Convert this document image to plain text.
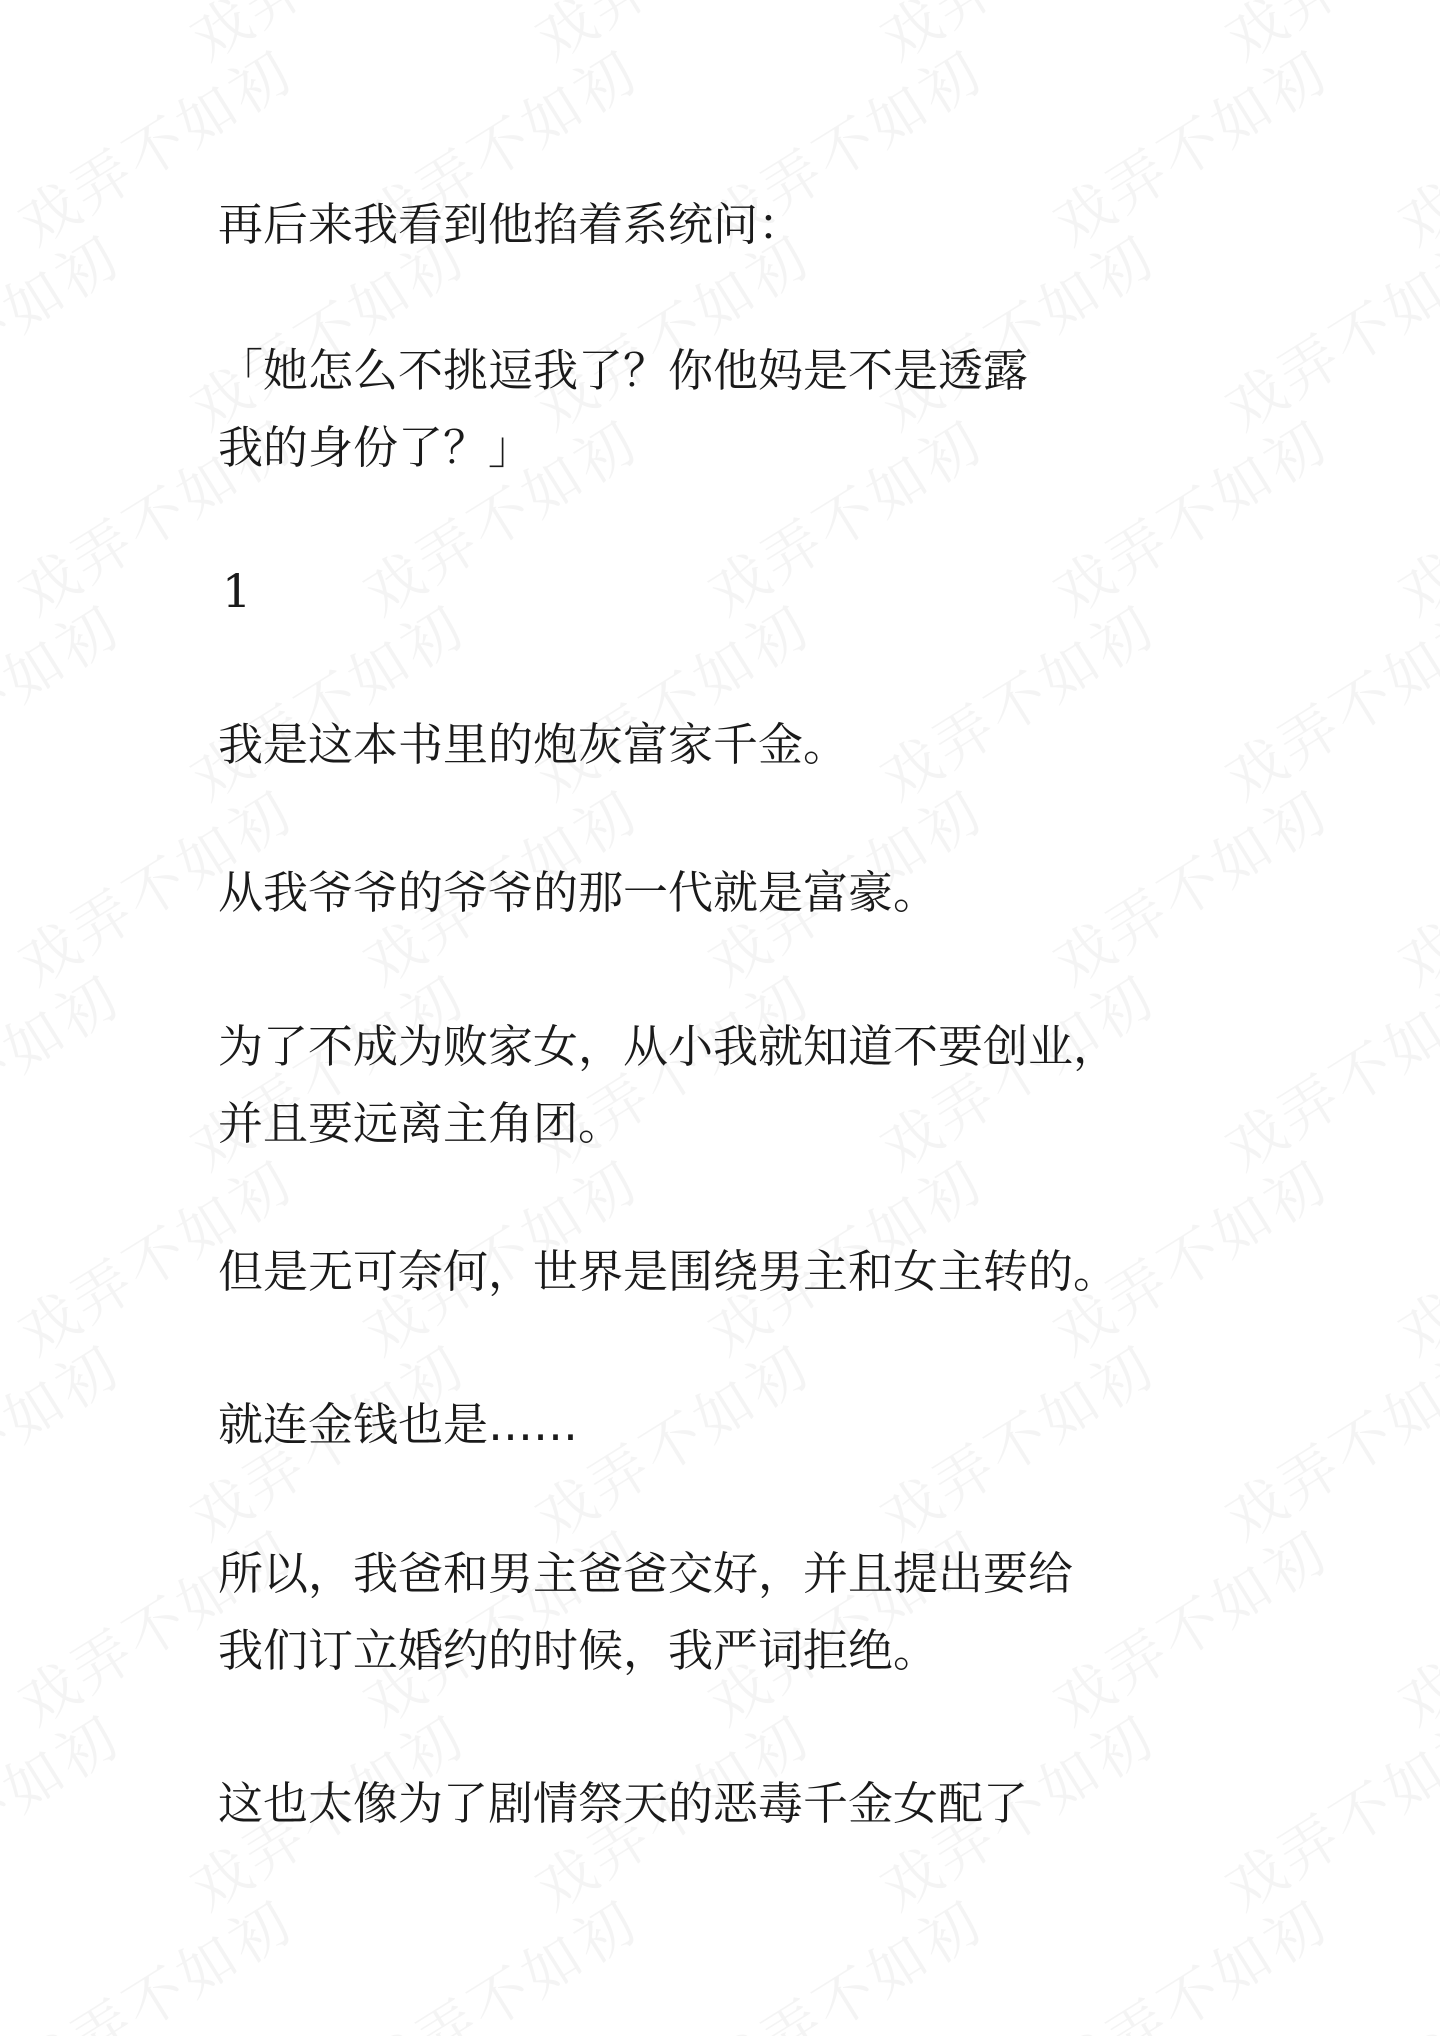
再后来我看到他掐着系统问：

「她怎么不挑逗我了？你他妈是不是透露
我的身份了？」

1

我是这本书里的炮灰富家千金。

从我爷爷的爷爷的那一代就是富豪。

为了不成为败家女，从小我就知道不要创业，
并且要远离主角团。

但是无可奈何，世界是围绕男主和女主转的。

就连金钱也是……

所以，我爸和男主爸爸交好，并且提出要给
我们订立婚约的时候，我严词拒绝。

这也太像为了剧情祭天的恶毒千金女配了
